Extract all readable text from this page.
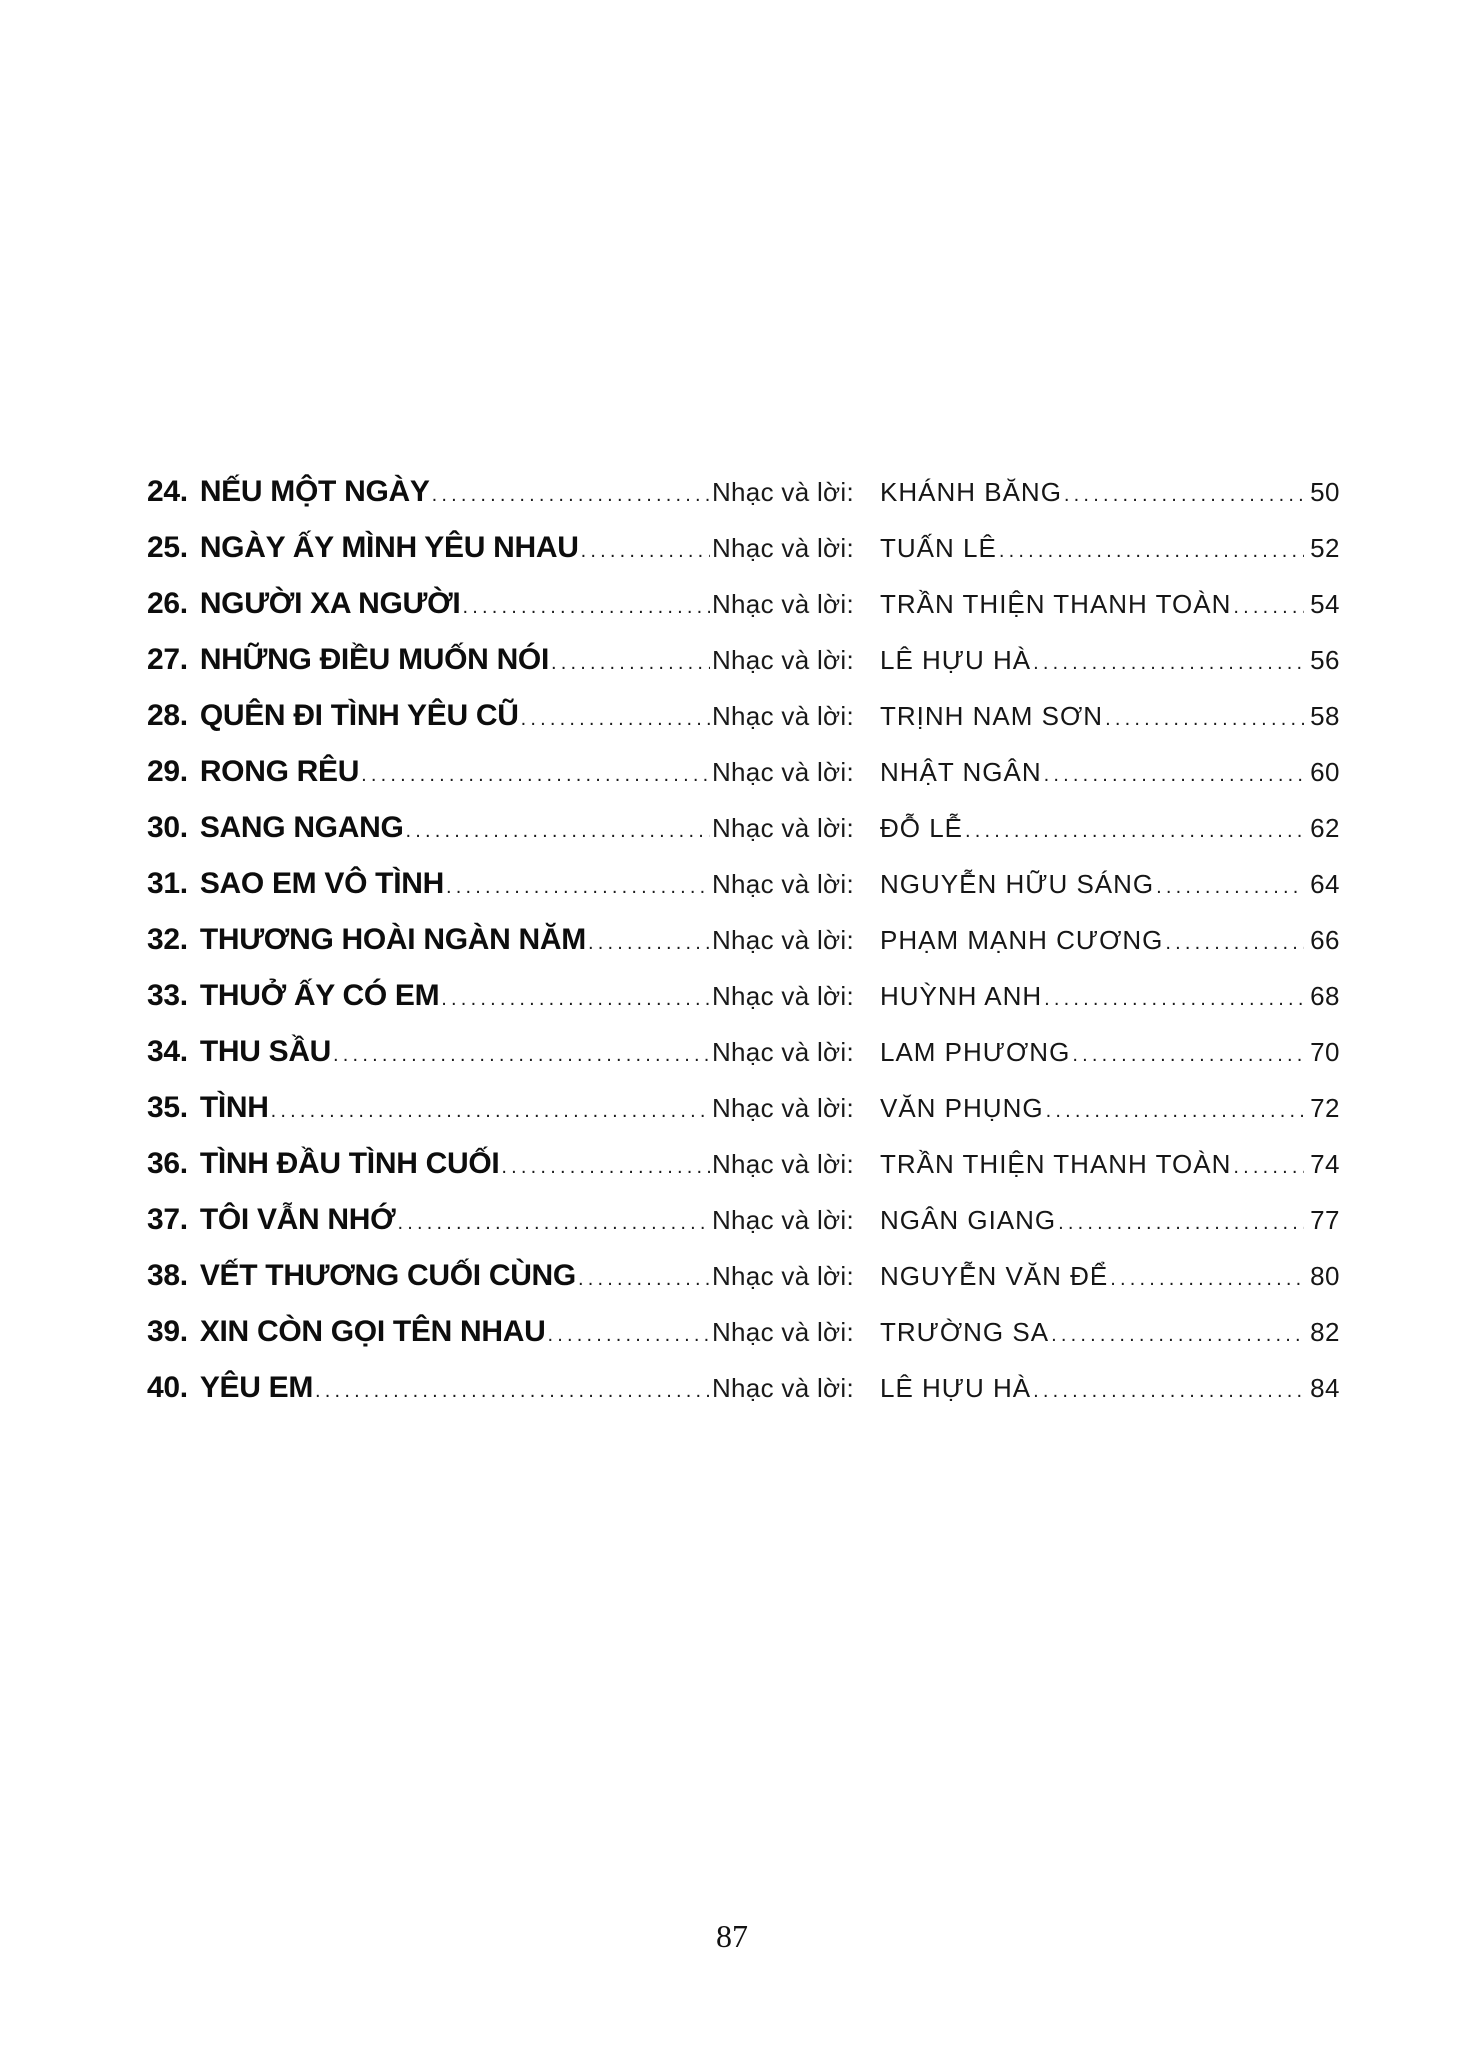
24. NẾU MỘT NGÀY .....	Nhạc và lời: KHÁNH BĂNG .....	50
25. NGÀY ẤY MÌNH YÊU NHAU .....	Nhạc và lời: TUẤN LÊ .....	52
26. NGƯỜI XA NGƯỜI .....	Nhạc và lời: TRẦN THIỆN THANH TOÀN .....	54
27. NHỮNG ĐIỀU MUỐN NÓI .....	Nhạc và lời: LÊ HỰU HÀ .....	56
28. QUÊN ĐI TÌNH YÊU CŨ .....	Nhạc và lời: TRỊNH NAM SƠN .....	58
29. RONG RÊU .....	Nhạc và lời: NHẬT NGÂN .....	60
30. SANG NGANG .....	Nhạc và lời: ĐỖ LỄ .....	62
31. SAO EM VÔ TÌNH .....	Nhạc và lời: NGUYỄN HỮU SÁNG .....	64
32. THƯƠNG HOÀI NGÀN NĂM .....	Nhạc và lời: PHẠM MẠNH CƯƠNG .....	66
33. THUỞ ẤY CÓ EM .....	Nhạc và lời: HUỲNH ANH .....	68
34. THU SẦU .....	Nhạc và lời: LAM PHƯƠNG .....	70
35. TÌNH .....	Nhạc và lời: VĂN PHỤNG .....	72
36. TÌNH ĐẦU TÌNH CUỐI .....	Nhạc và lời: TRẦN THIỆN THANH TOÀN .....	74
37. TÔI VẪN NHỚ .....	Nhạc và lời: NGÂN GIANG .....	77
38. VẾT THƯƠNG CUỐI CÙNG .....	Nhạc và lời: NGUYỄN VĂN ĐỂ .....	80
39. XIN CÒN GỌI TÊN NHAU .....	Nhạc và lời: TRƯỜNG SA .....	82
40. YÊU EM .....	Nhạc và lời: LÊ HỰU HÀ .....	84
87
